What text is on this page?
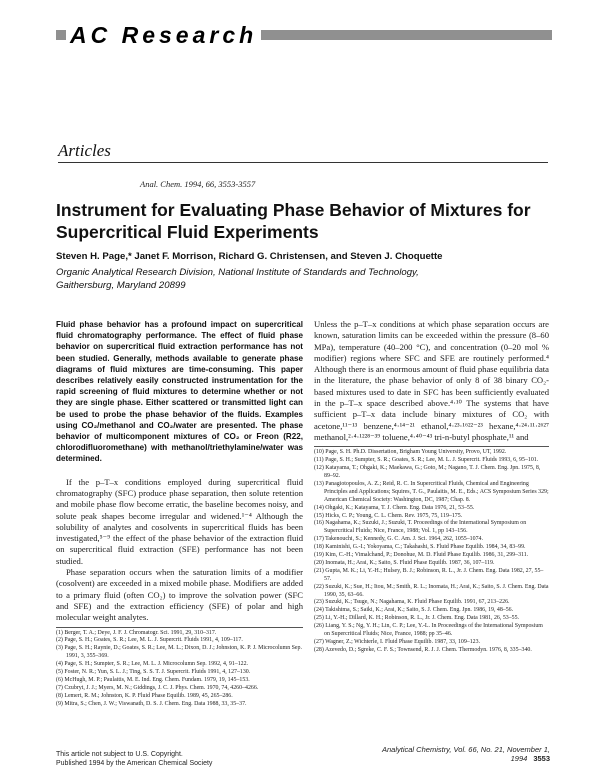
AC Research
Articles
Anal. Chem. 1994, 66, 3553-3557
Instrument for Evaluating Phase Behavior of Mixtures for Supercritical Fluid Experiments
Steven H. Page,* Janet F. Morrison, Richard G. Christensen, and Steven J. Choquette
Organic Analytical Research Division, National Institute of Standards and Technology, Gaithersburg, Maryland 20899

Fluid phase behavior has a profound impact on supercritical fluid chromatography performance. The effect of fluid phase behavior on supercritical fluid extraction performance has not been studied. Generally, methods available to generate phase diagrams of fluid mixtures are time-consuming. This paper describes relatively easily constructed instrumentation for the rapid screening of fluid mixtures to determine whether or not they are single phase. Either scattered or transmitted light can be used to probe the phase behavior of the fluids. Examples using CO₂/methanol and CO₂/water are presented. The phase behavior of multicomponent mixtures of CO₂ or Freon (R22, chlorodifluoromethane) with methanol/triethylamine/water was determined.

If the p–T–x conditions employed during supercritical fluid chromatography (SFC) produce phase separation, then solute retention and mobile phase flow become erratic, the baseline becomes noisy, and solute peak shapes become irregular and widened.¹⁻⁴ Although the solubility of analytes and cosolvents in supercritical fluids has been investigated,⁵⁻⁹ the effect of the phase behavior of the extraction fluid on supercritical fluid extraction (SFE) performance has not been studied.

Phase separation occurs when the saturation limits of a modifier (cosolvent) are exceeded in a mixed mobile phase. Modifiers are added to a primary fluid (often CO₂) to improve the solvation power (SFC and SFE) and the extraction efficiency (SFE) of polar and high molecular weight analytes.

(1) Berger, T. A.; Deye, J. F. J. Chromatogr. Sci. 1991, 29, 310–317.
(2) Page, S. H.; Goates, S. R.; Lee, M. L. J. Supercrit. Fluids 1991, 4, 109–117.
(3) Page, S. H.; Raynie, D.; Goates, S. R.; Lee, M. L.; Dixon, D. J.; Johnston, K. P. J. Microcolumn Sep. 1991, 3, 355–369.
(4) Page, S. H.; Sumpter, S. R.; Lee, M. L. J. Microcolumn Sep. 1992, 4, 91–122.
(5) Foster, N. R.; Yun, S. L. J.; Ting, S. S. T. J. Supercrit. Fluids 1991, 4, 127–130.
(6) McHugh, M. P.; Paulaitis, M. E. Ind. Eng. Chem. Fundam. 1979, 19, 145–153.
(7) Czubryt, J. J.; Myers, M. N.; Giddings, J. C. J. Phys. Chem. 1970, 74, 4260–4266.
(8) Lemert, R. M.; Johnston, K. P. Fluid Phase Equilib. 1989, 45, 265–286.
(9) Mitra, S.; Chen, J. W.; Viswanath, D. S. J. Chem. Eng. Data 1988, 33, 35–37.

Unless the p–T–x conditions at which phase separation occurs are known, saturation limits can be exceeded within the pressure (8–60 MPa), temperature (40–200 °C), and concentration (0–20 mol % modifier) regions where SFC and SFE are routinely performed.⁴ Although there is an enormous amount of fluid phase equilibria data in the literature, the phase behavior of only 8 of 38 binary CO₂-based mixtures used to date in SFC has been sufficiently evaluated in the p–T–x space described above.⁴·¹⁰ The systems that have sufficient p–T–x data include binary mixtures of CO₂ with acetone,¹¹⁻¹³ benzene,⁴·¹⁴⁻²¹ ethanol,⁴·²³·¹⁶²²⁻²³ hexane,⁴·²⁴·¹¹·²⁶²⁷ methanol,²·⁴·¹²²⁸⁻³⁹ toluene,⁴·⁴⁰⁻⁴³ tri-n-butyl phosphate,¹¹ and

(10) Page, S. H. Ph.D. Dissertation, Brigham Young University, Provo, UT, 1992.
(11) Page, S. H.; Sumpter, S. R.; Goates, S. R.; Lee, M. L. J. Supercrit. Fluids 1993, 6, 95–101.
(12) Katayama, T.; Ohgaki, K.; Maekawa, G.; Goto, M.; Nagano, T. J. Chem. Eng. Jpn. 1975, 8, 89–92.
(13) Panagiotopoulos, A. Z.; Reid, R. C. In Supercritical Fluids, Chemical and Engineering Principles and Applications; Squires, T. G., Paulaitis, M. E., Eds.; ACS Symposium Series 329; American Chemical Society: Washington, DC, 1987; Chap. 8.
(14) Ohgaki, K.; Katayama, T. J. Chem. Eng. Data 1976, 21, 53–55.
(15) Hicks, C. P.; Young, C. L. Chem. Rev. 1975, 75, 119–175.
(16) Nagahama, K.; Suzuki, J.; Suzuki, T. Proceedings of the International Symposium on Supercritical Fluids; Nice, France, 1988; Vol. 1, pp 143–156.
(17) Takenouchi, S.; Kennedy, G. C. Am. J. Sci. 1964, 262, 1055–1074.
(18) Kaminishi, G.-I.; Yokoyama, C.; Takahashi, S. Fluid Phase Equilib. 1984, 34, 83–99.
(19) Kim, C.-H.; Vimalchand, P.; Donohue, M. D. Fluid Phase Equilib. 1986, 31, 299–311.
(20) Inomata, H.; Arai, K.; Saito, S. Fluid Phase Equilib. 1987, 36, 107–119.
(21) Gupta, M. K.; Li, Y.-H.; Hulsey, B. J.; Robinson, R. L., Jr. J. Chem. Eng. Data 1982, 27, 55–57.
(22) Suzuki, K.; Sue, H.; Itou, M.; Smith, R. L.; Inomata, H.; Arai, K.; Saito, S. J. Chem. Eng. Data 1990, 35, 63–66.
(23) Suzuki, K.; Tsuge, N.; Nagahama, K. Fluid Phase Equilib. 1991, 67, 213–226.
(24) Takishima, S.; Saiki, K.; Arai, K.; Saito, S. J. Chem. Eng. Jpn. 1986, 19, 48–56.
(25) Li, Y.-H.; Dillard, K. H.; Robinson, R. L., Jr. J. Chem. Eng. Data 1981, 26, 53–55.
(26) Liang, Y. S.; Ng, Y. H.; Lin, C. P.; Lee, Y.-L. In Proceedings of the International Symposium on Supercritical Fluids; Nice, France, 1988; pp 35–46.
(27) Wagner, Z.; Wichterle, I. Fluid Phase Equilib. 1987, 33, 109–123.
(28) Azevedo, D.; Sgreke, C. F. S.; Townsend, R. J. J. Chem. Thermodyn. 1976, 8, 335–340.
This article not subject to U.S. Copyright.
Published 1994 by the American Chemical Society
Analytical Chemistry, Vol. 66, No. 21, November 1, 1994 3553
